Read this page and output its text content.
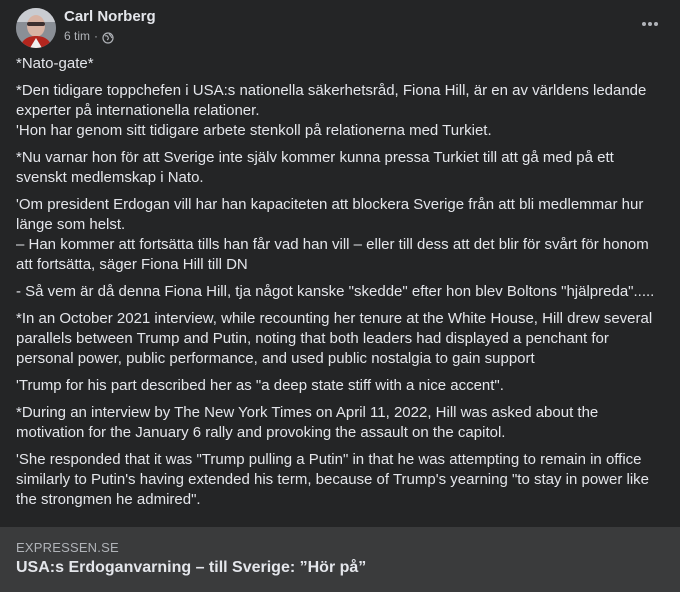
Carl Norberg
6 tim ·

*Nato-gate*

*Den tidigare toppchefen i USA:s nationella säkerhetsråd, Fiona Hill, är en av världens ledande experter på internationella relationer.
'Hon har genom sitt tidigare arbete stenkoll på relationerna med Turkiet.

*Nu varnar hon för att Sverige inte själv kommer kunna pressa Turkiet till att gå med på ett svenskt medlemskap i Nato.

'Om president Erdogan vill har han kapaciteten att blockera Sverige från att bli medlemmar hur länge som helst.
– Han kommer att fortsätta tills han får vad han vill – eller till dess att det blir för svårt för honom att fortsätta, säger Fiona Hill till DN

- Så vem är då denna Fiona Hill, tja något kanske "skedde" efter hon blev Boltons "hjälpreda".....

*In an October 2021 interview, while recounting her tenure at the White House, Hill drew several parallels between Trump and Putin, noting that both leaders had displayed a penchant for personal power, public performance, and used public nostalgia to gain support

'Trump for his part described her as "a deep state stiff with a nice accent".

*During an interview by The New York Times on April 11, 2022, Hill was asked about the motivation for the January 6 rally and provoking the assault on the capitol.

'She responded that it was "Trump pulling a Putin" in that he was attempting to remain in office similarly to Putin's having extended his term, because of Trump's yearning "to stay in power like the strongmen he admired".

EXPRESSEN.SE
USA:s Erdoganvarning – till Sverige: ”Hör på”
